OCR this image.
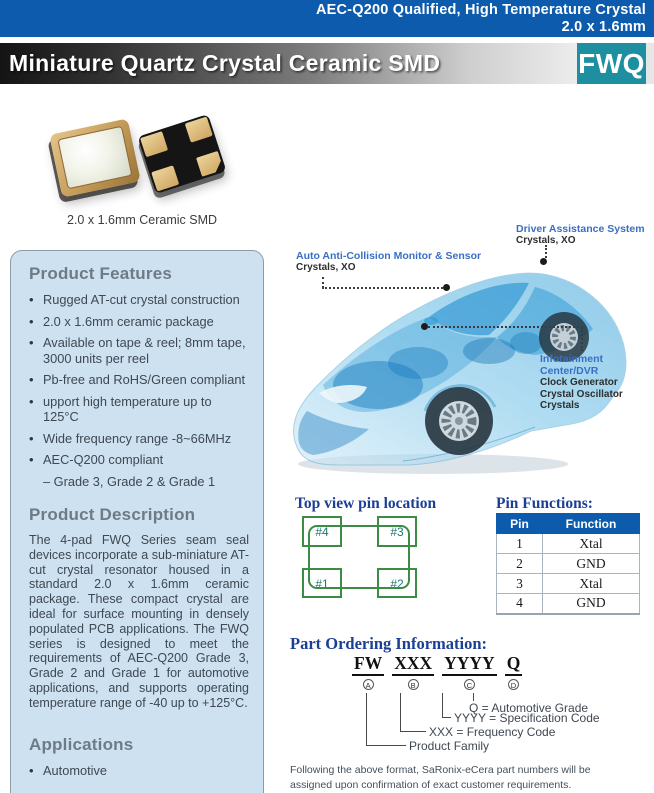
AEC-Q200 Qualified, High Temperature Crystal
2.0 x 1.6mm
Miniature Quartz Crystal Ceramic SMD	FWQ
2.0 x 1.6mm Ceramic SMD
Product Features
• Rugged AT-cut crystal construction
• 2.0 x 1.6mm ceramic package
• Available on tape & reel; 8mm tape, 3000 units per reel
• Pb-free and RoHS/Green compliant
• upport high temperature up to 125°C
• Wide frequency range -8~66MHz
• AEC-Q200 compliant
– Grade 3, Grade 2 & Grade 1
Product Description

The 4-pad FWQ Series seam seal devices incorporate a sub-miniature AT-cut crystal resonator housed in a standard 2.0 x 1.6mm ceramic package. These compact crystal are ideal for surface mounting in densely populated PCB applications. The FWQ series is designed to meet the requirements of AEC-Q200 Grade 3, Grade 2 and Grade 1 for automotive applications, and supports operating temperature range of -40 up to +125°C.

Applications
• Automotive
Auto Anti-Collision Monitor & Sensor
Crystals, XO
Driver Assistance System
Crystals, XO
Infotainment Center/DVR
Clock Generator
Crystal Oscillator
Crystals
Top view pin location
#4	#3
#1	#2
Pin Functions:
Pin	Function
1	Xtal
2	GND
3	Xtal
4	GND
Part Ordering Information:
FW
A
XXX
B
YYYY
C
Q
D
Q = Automotive Grade
YYYY = Specification Code
XXX = Frequency Code
Product Family
Following the above format, SaRonix-eCera part numbers will be assigned upon confirmation of exact customer requirements.
